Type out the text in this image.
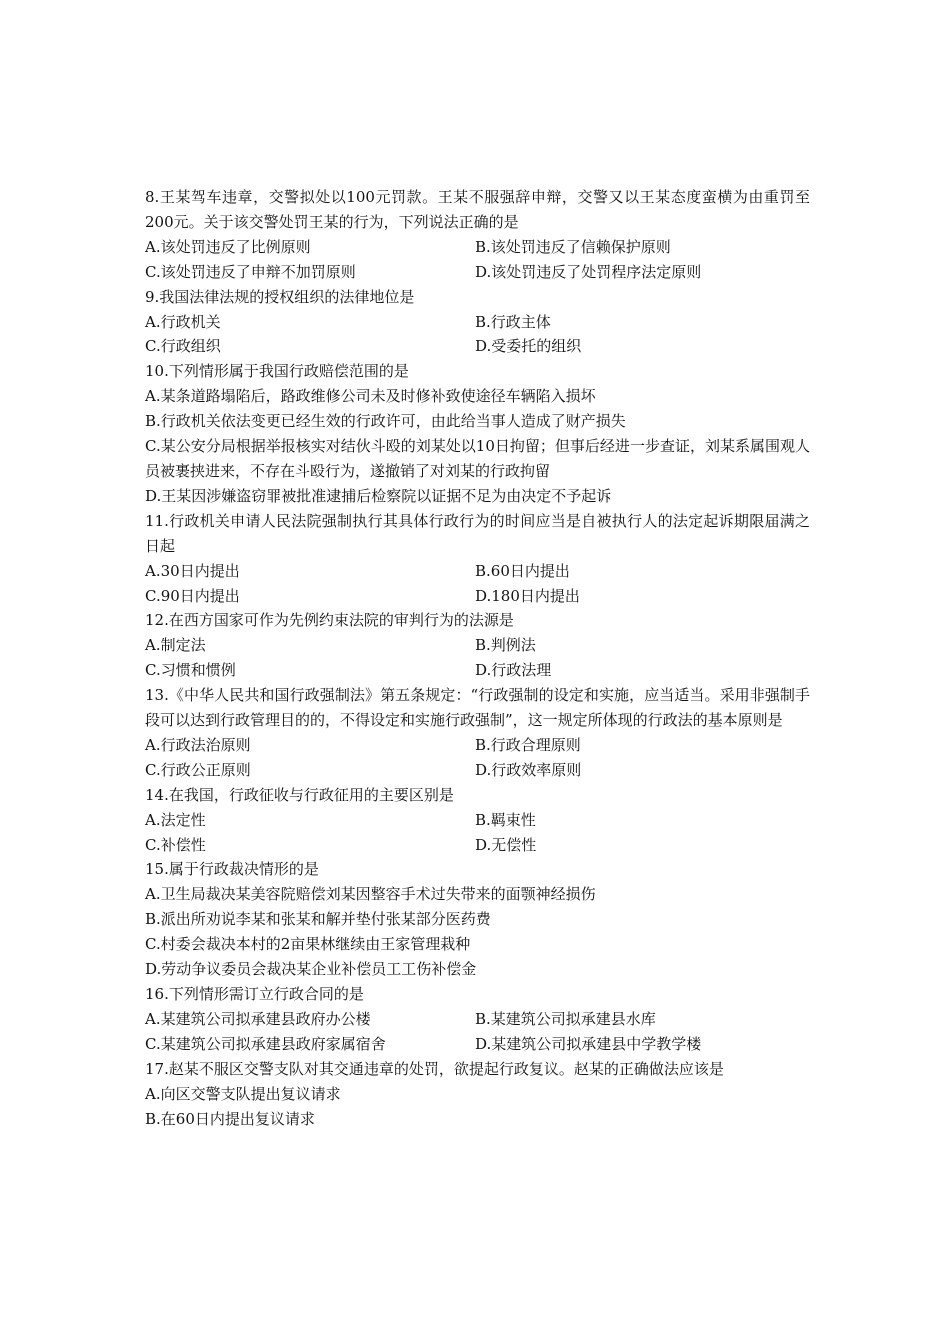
8.王某驾车违章，交警拟处以100元罚款。王某不服强辞申辩，交警又以王某态度蛮横为由重罚至200元。关于该交警处罚王某的行为，下列说法正确的是
A.该处罚违反了比例原则	B.该处罚违反了信赖保护原则
C.该处罚违反了申辩不加罚原则	D.该处罚违反了处罚程序法定原则
9.我国法律法规的授权组织的法律地位是
A.行政机关	B.行政主体
C.行政组织	D.受委托的组织
10.下列情形属于我国行政赔偿范围的是
A.某条道路塌陷后，路政维修公司未及时修补致使途径车辆陷入损坏
B.行政机关依法变更已经生效的行政许可，由此给当事人造成了财产损失
C.某公安分局根据举报核实对结伙斗殴的刘某处以10日拘留；但事后经进一步查证，刘某系属围观人员被裹挟进来，不存在斗殴行为，遂撤销了对刘某的行政拘留
D.王某因涉嫌盗窃罪被批准逮捕后检察院以证据不足为由决定不予起诉
11.行政机关申请人民法院强制执行其具体行政行为的时间应当是自被执行人的法定起诉期限届满之日起
A.30日内提出	B.60日内提出
C.90日内提出	D.180日内提出
12.在西方国家可作为先例约束法院的审判行为的法源是
A.制定法	B.判例法
C.习惯和惯例	D.行政法理
13.《中华人民共和国行政强制法》第五条规定：“行政强制的设定和实施，应当适当。采用非强制手段可以达到行政管理目的的，不得设定和实施行政强制”，这一规定所体现的行政法的基本原则是
A.行政法治原则	B.行政合理原则
C.行政公正原则	D.行政效率原则
14.在我国，行政征收与行政征用的主要区别是
A.法定性	B.羁束性
C.补偿性	D.无偿性
15.属于行政裁决情形的是
A.卫生局裁决某美容院赔偿刘某因整容手术过失带来的面颚神经损伤
B.派出所劝说李某和张某和解并垫付张某部分医药费
C.村委会裁决本村的2亩果林继续由王家管理栽种
D.劳动争议委员会裁决某企业补偿员工工伤补偿金
16.下列情形需订立行政合同的是
A.某建筑公司拟承建县政府办公楼	B.某建筑公司拟承建县水库
C.某建筑公司拟承建县政府家属宿舍	D.某建筑公司拟承建县中学教学楼
17.赵某不服区交警支队对其交通违章的处罚，欲提起行政复议。赵某的正确做法应该是
A.向区交警支队提出复议请求
B.在60日内提出复议请求
